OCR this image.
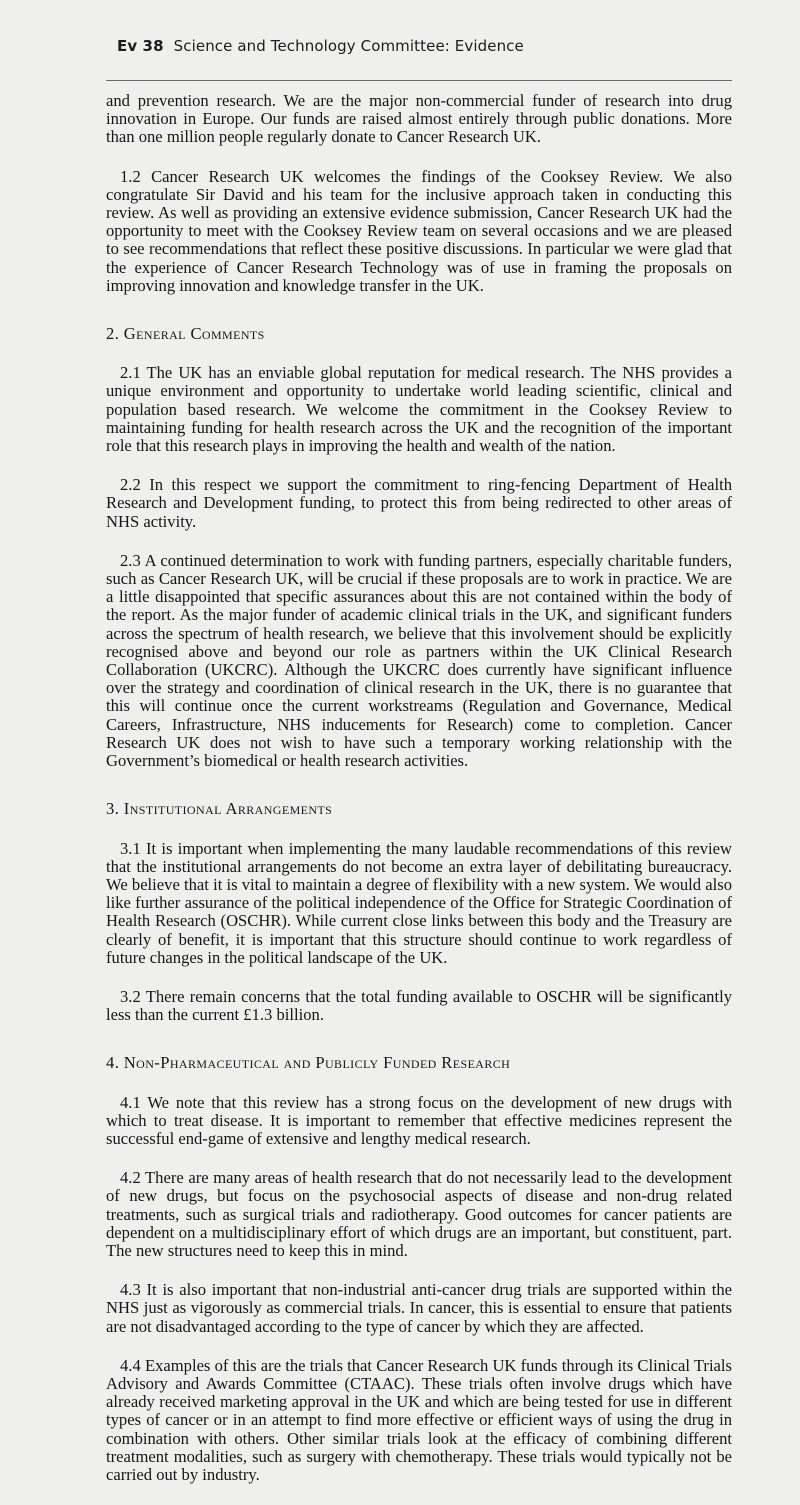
Ev 38 Science and Technology Committee: Evidence

and prevention research. We are the major non-commercial funder of research into drug innovation in Europe. Our funds are raised almost entirely through public donations. More than one million people regularly donate to Cancer Research UK.

1.2 Cancer Research UK welcomes the findings of the Cooksey Review. We also congratulate Sir David and his team for the inclusive approach taken in conducting this review. As well as providing an extensive evidence submission, Cancer Research UK had the opportunity to meet with the Cooksey Review team on several occasions and we are pleased to see recommendations that reflect these positive discussions. In particular we were glad that the experience of Cancer Research Technology was of use in framing the proposals on improving innovation and knowledge transfer in the UK.

2. General Comments

2.1 The UK has an enviable global reputation for medical research. The NHS provides a unique environment and opportunity to undertake world leading scientific, clinical and population based research. We welcome the commitment in the Cooksey Review to maintaining funding for health research across the UK and the recognition of the important role that this research plays in improving the health and wealth of the nation.

2.2 In this respect we support the commitment to ring-fencing Department of Health Research and Development funding, to protect this from being redirected to other areas of NHS activity.

2.3 A continued determination to work with funding partners, especially charitable funders, such as Cancer Research UK, will be crucial if these proposals are to work in practice. We are a little disappointed that specific assurances about this are not contained within the body of the report. As the major funder of academic clinical trials in the UK, and significant funders across the spectrum of health research, we believe that this involvement should be explicitly recognised above and beyond our role as partners within the UK Clinical Research Collaboration (UKCRC). Although the UKCRC does currently have significant influence over the strategy and coordination of clinical research in the UK, there is no guarantee that this will continue once the current workstreams (Regulation and Governance, Medical Careers, Infrastructure, NHS inducements for Research) come to completion. Cancer Research UK does not wish to have such a temporary working relationship with the Government’s biomedical or health research activities.

3. Institutional Arrangements

3.1 It is important when implementing the many laudable recommendations of this review that the institutional arrangements do not become an extra layer of debilitating bureaucracy. We believe that it is vital to maintain a degree of flexibility with a new system. We would also like further assurance of the political independence of the Office for Strategic Coordination of Health Research (OSCHR). While current close links between this body and the Treasury are clearly of benefit, it is important that this structure should continue to work regardless of future changes in the political landscape of the UK.

3.2 There remain concerns that the total funding available to OSCHR will be significantly less than the current £1.3 billion.

4. Non-Pharmaceutical and Publicly Funded Research

4.1 We note that this review has a strong focus on the development of new drugs with which to treat disease. It is important to remember that effective medicines represent the successful end-game of extensive and lengthy medical research.

4.2 There are many areas of health research that do not necessarily lead to the development of new drugs, but focus on the psychosocial aspects of disease and non-drug related treatments, such as surgical trials and radiotherapy. Good outcomes for cancer patients are dependent on a multidisciplinary effort of which drugs are an important, but constituent, part. The new structures need to keep this in mind.

4.3 It is also important that non-industrial anti-cancer drug trials are supported within the NHS just as vigorously as commercial trials. In cancer, this is essential to ensure that patients are not disadvantaged according to the type of cancer by which they are affected.

4.4 Examples of this are the trials that Cancer Research UK funds through its Clinical Trials Advisory and Awards Committee (CTAAC). These trials often involve drugs which have already received marketing approval in the UK and which are being tested for use in different types of cancer or in an attempt to find more effective or efficient ways of using the drug in combination with others. Other similar trials look at the efficacy of combining different treatment modalities, such as surgery with chemotherapy. These trials would typically not be carried out by industry.
